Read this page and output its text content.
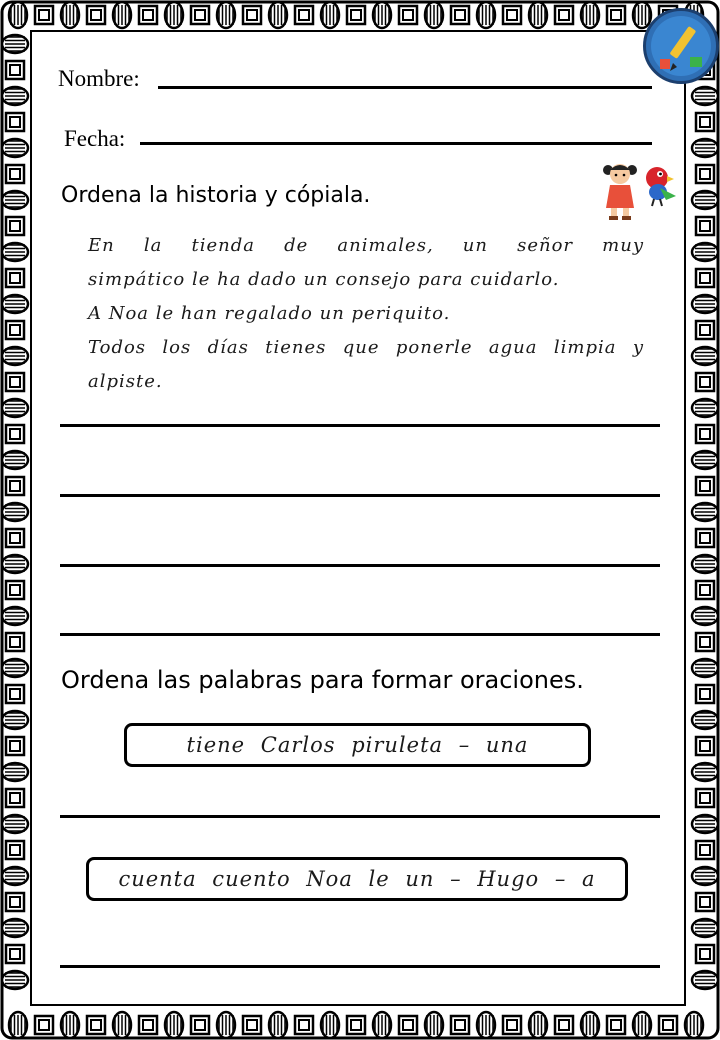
Nombre:
Fecha:
Ordena la historia y cópiala.
En la tienda de animales, un señor muy
simpático le ha dado un consejo para cuidarlo.
A Noa le han regalado un periquito.
Todos los días tienes que ponerle agua limpia y
alpiste.
Ordena las palabras para formar oraciones.
tiene Carlos piruleta – una
cuenta cuento Noa le un – Hugo – a
